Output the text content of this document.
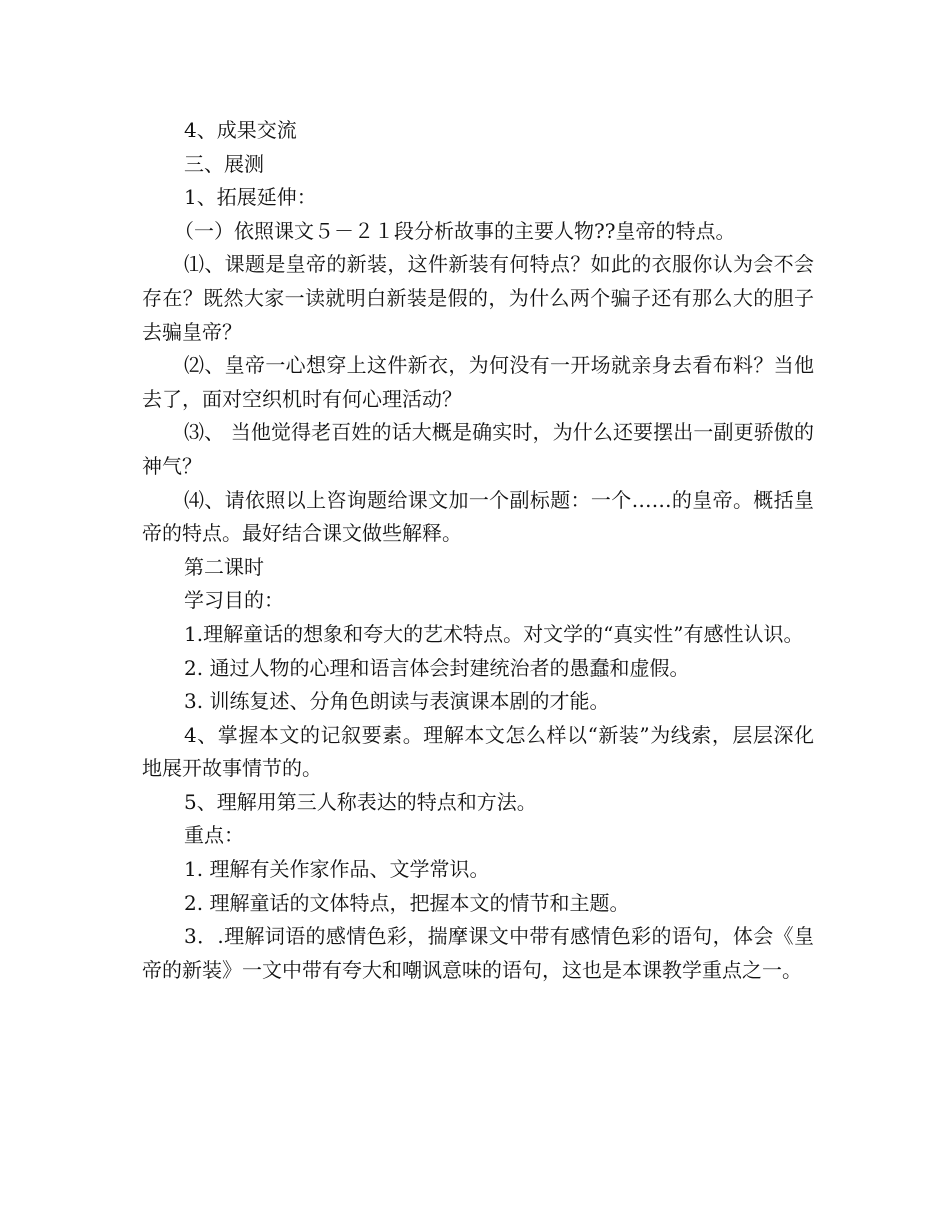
4、成果交流

三、展测

1、拓展延伸：

（一）依照课文５－２１段分析故事的主要人物??皇帝的特点。

⑴、课题是皇帝的新装，这件新装有何特点？如此的衣服你认为会不会存在？既然大家一读就明白新装是假的，为什么两个骗子还有那么大的胆子去骗皇帝？

⑵、皇帝一心想穿上这件新衣，为何没有一开场就亲身去看布料？当他去了，面对空织机时有何心理活动？

⑶、 当他觉得老百姓的话大概是确实时，为什么还要摆出一副更骄傲的神气？

⑷、请依照以上咨询题给课文加一个副标题：一个……的皇帝。概括皇帝的特点。最好结合课文做些解释。

第二课时

学习目的：

1.理解童话的想象和夸大的艺术特点。对文学的“真实性”有感性认识。

2. 通过人物的心理和语言体会封建统治者的愚蠢和虚假。

3. 训练复述、分角色朗读与表演课本剧的才能。

4、掌握本文的记叙要素。理解本文怎么样以“新装”为线索，层层深化地展开故事情节的。

5、理解用第三人称表达的特点和方法。

重点：

1. 理解有关作家作品、文学常识。

2. 理解童话的文体特点，把握本文的情节和主题。

3．.理解词语的感情色彩，揣摩课文中带有感情色彩的语句，体会《皇帝的新装》一文中带有夸大和嘲讽意味的语句，这也是本课教学重点之一。
